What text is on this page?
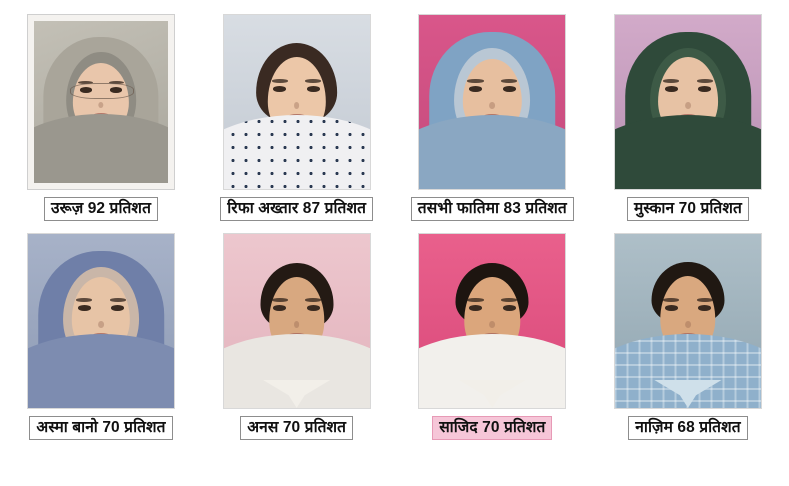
उरूज़ 92 प्रतिशत	रिफा अख्तार 87 प्रतिशत	तसभी फातिमा 83 प्रतिशत	मुस्कान 70 प्रतिशत
अस्मा बानो 70 प्रतिशत	अनस 70 प्रतिशत	साजिद 70 प्रतिशत	नाज़िम 68 प्रतिशत
